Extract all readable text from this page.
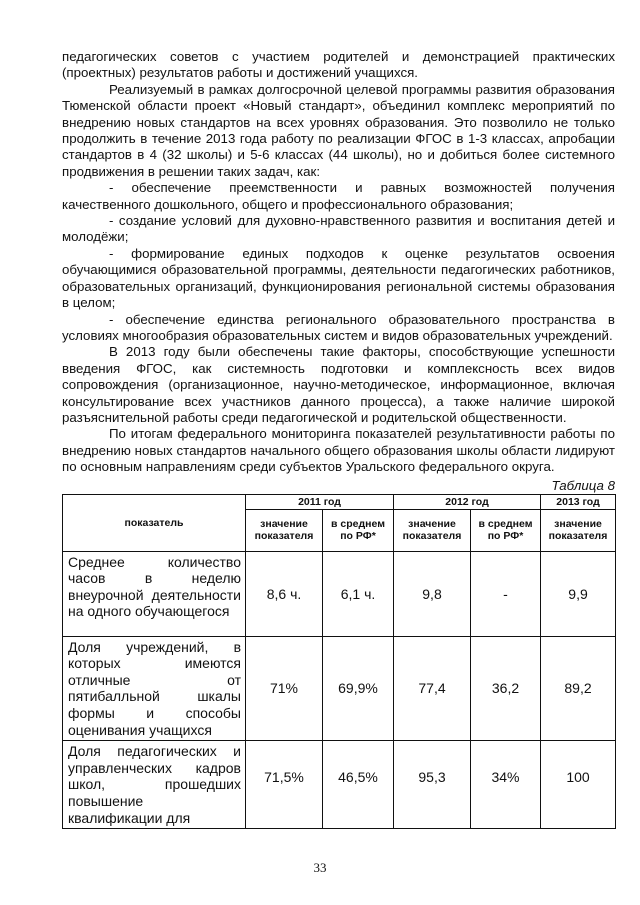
педагогических советов с участием родителей и демонстрацией практических (проектных) результатов работы и достижений учащихся.

Реализуемый в рамках долгосрочной целевой программы развития образования Тюменской области проект «Новый стандарт», объединил комплекс мероприятий по внедрению новых стандартов на всех уровнях образования. Это позволило не только продолжить в течение 2013 года работу по реализации ФГОС в 1-3 классах, апробации стандартов в 4 (32 школы) и 5-6 классах (44 школы), но и добиться более системного продвижения в решении таких задач, как:

- обеспечение преемственности и равных возможностей получения качественного дошкольного, общего и профессионального образования;

- создание условий для духовно-нравственного развития и воспитания детей и молодёжи;

- формирование единых подходов к оценке результатов освоения обучающимися образовательной программы, деятельности педагогических работников, образовательных организаций, функционирования региональной системы образования в целом;

- обеспечение единства регионального образовательного пространства в условиях многообразия образовательных систем и видов образовательных учреждений.

В 2013 году были обеспечены такие факторы, способствующие успешности введения ФГОС, как системность подготовки и комплексность всех видов сопровождения (организационное, научно-методическое, информационное, включая консультирование всех участников данного процесса), а также наличие широкой разъяснительной работы среди педагогической и родительской общественности.

По итогам федерального мониторинга показателей результативности работы по внедрению новых стандартов начального общего образования школы области лидируют по основным направлениям среди субъектов Уральского федерального округа.

Таблица 8
показатель	2011 год		2012 год		2013 год
	значение показателя	в среднем по РФ*	значение показателя	в среднем по РФ*	значение показателя
Среднее количество часов в неделю внеурочной деятельности на одного обучающегося	8,6 ч.	6,1 ч.	9,8	-	9,9
Доля учреждений, в которых имеются отличные от пятибалльной шкалы формы и способы оценивания учащихся	71%	69,9%	77,4	36,2	89,2
Доля педагогических и управленческих кадров школ, прошедших повышение квалификации для	71,5%	46,5%	95,3	34%	100
33
